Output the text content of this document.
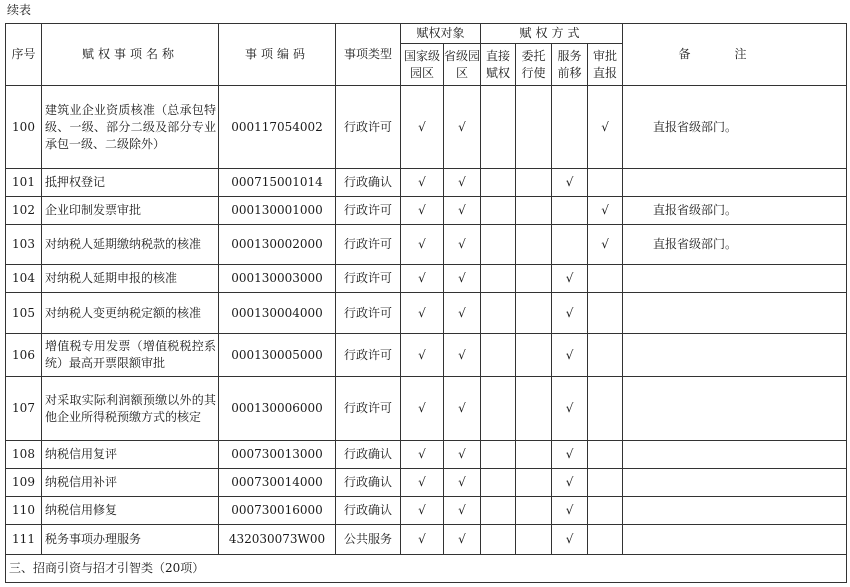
续表
序号	赋权事项名称	事项编码	事项类型	赋权对象		赋权方式				备注
				国家级园区	省级园区	直接赋权	委托行使	服务前移	审批直报	
100	建筑业企业资质核准（总承包特级、一级、部分二级及部分专业承包一级、二级除外）	000117054002	行政许可	√	√				√	直报省级部门。
101	抵押权登记	000715001014	行政确认	√	√			√		
102	企业印制发票审批	000130001000	行政许可	√	√				√	直报省级部门。
103	对纳税人延期缴纳税款的核准	000130002000	行政许可	√	√				√	直报省级部门。
104	对纳税人延期申报的核准	000130003000	行政许可	√	√			√		
105	对纳税人变更纳税定额的核准	000130004000	行政许可	√	√			√		
106	增值税专用发票（增值税税控系统）最高开票限额审批	000130005000	行政许可	√	√			√		
107	对采取实际利润额预缴以外的其他企业所得税预缴方式的核定	000130006000	行政许可	√	√			√		
108	纳税信用复评	000730013000	行政确认	√	√			√		
109	纳税信用补评	000730014000	行政确认	√	√			√		
110	纳税信用修复	000730016000	行政确认	√	√			√		
111	税务事项办理服务	432030073W00	公共服务	√	√			√		
三、招商引资与招才引智类（20项）										
